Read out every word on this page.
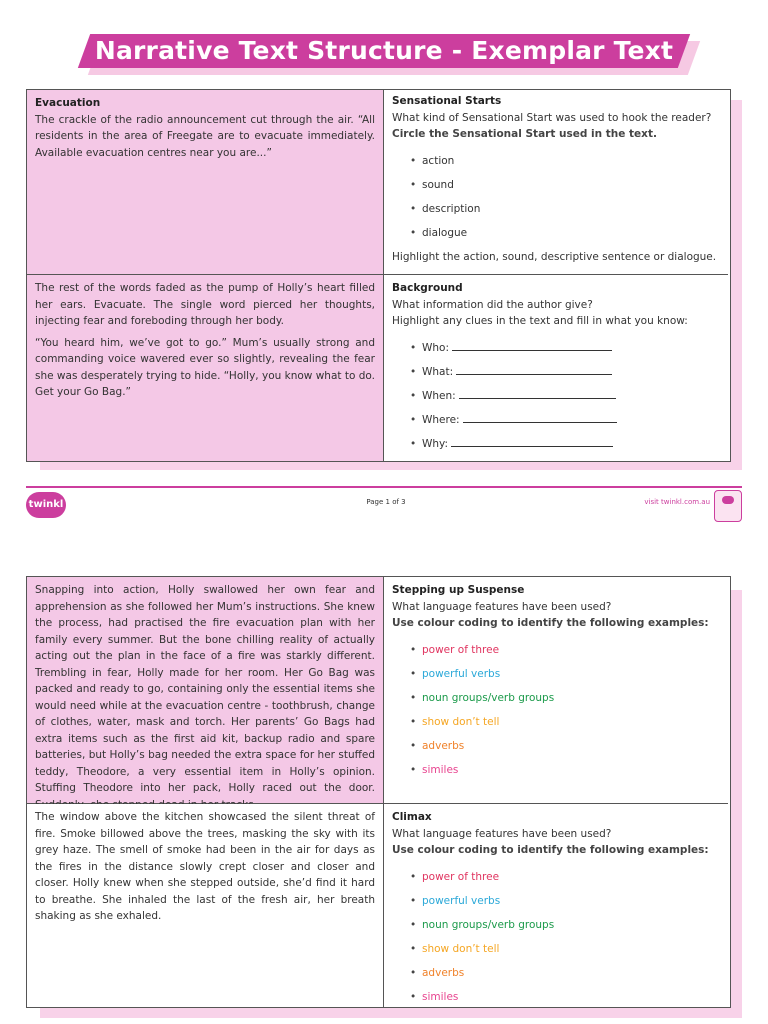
Narrative Text Structure - Exemplar Text
Evacuation

The crackle of the radio announcement cut through the air. “All residents in the area of Freegate are to evacuate immediately. Available evacuation centres near you are...”

Sensational Starts
What kind of Sensational Start was used to hook the reader?
Circle the Sensational Start used in the text.
• action
• sound
• description
• dialogue
Highlight the action, sound, descriptive sentence or dialogue.

The rest of the words faded as the pump of Holly’s heart filled her ears. Evacuate. The single word pierced her thoughts, injecting fear and foreboding through her body.

“You heard him, we’ve got to go.” Mum’s usually strong and commanding voice wavered ever so slightly, revealing the fear she was desperately trying to hide. “Holly, you know what to do. Get your Go Bag.”

Background
What information did the author give?
Highlight any clues in the text and fill in what you know:
• Who:
• What:
• When:
• Where:
• Why:
twinkl	Page 1 of 3	visit twinkl.com.au

Snapping into action, Holly swallowed her own fear and apprehension as she followed her Mum’s instructions. She knew the process, had practised the fire evacuation plan with her family every summer. But the bone chilling reality of actually acting out the plan in the face of a fire was starkly different. Trembling in fear, Holly made for her room. Her Go Bag was packed and ready to go, containing only the essential items she would need while at the evacuation centre - toothbrush, change of clothes, water, mask and torch. Her parents’ Go Bags had extra items such as the first aid kit, backup radio and spare batteries, but Holly’s bag needed the extra space for her stuffed teddy, Theodore, a very essential item in Holly’s opinion. Stuffing Theodore into her pack, Holly raced out the door.

Stepping up Suspense
What language features have been used?
Use colour coding to identify the following examples:
• power of three
• powerful verbs
• noun groups/verb groups
• show don’t tell
• adverbs
• similes

The window above the kitchen showcased the silent threat of fire. Smoke billowed above the trees, masking the sky with its grey haze. The smell of smoke had been in the air for days as the fires in the distance slowly crept closer and closer and closer. Holly knew when she stepped outside, she’d find it hard to breathe. She inhaled the last of the fresh air, her breath shaking as she exhaled.

Climax
What language features have been used?
Use colour coding to identify the following examples:
• power of three
• powerful verbs
• noun groups/verb groups
• show don’t tell
• adverbs
• similes
